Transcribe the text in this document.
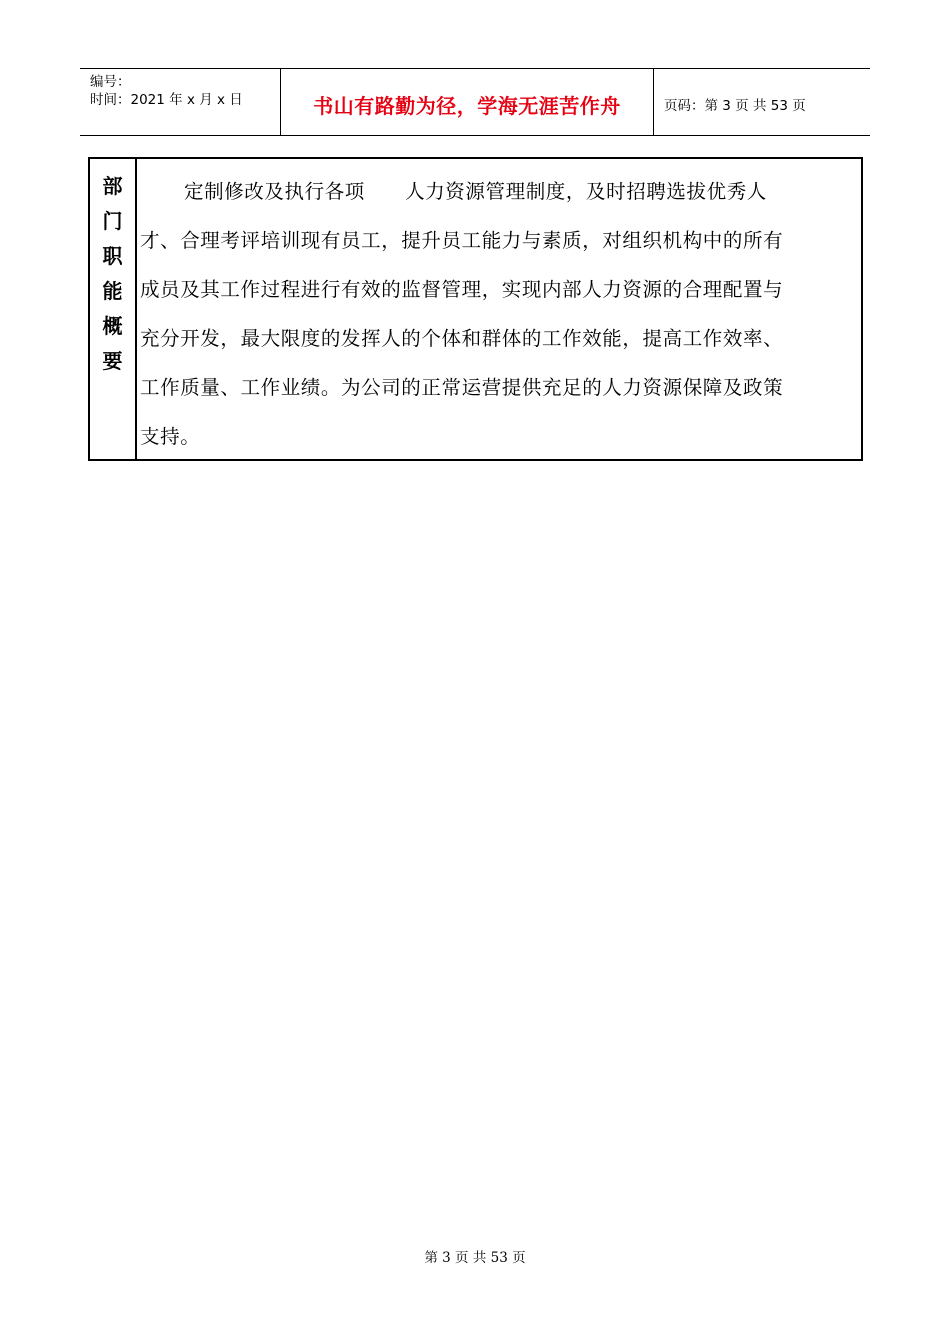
编号：
时间：2021 年 x 月 x 日	书山有路勤为径，学海无涯苦作舟	页码：第 3 页 共 53 页
部
门
职
能
概
要

定制修改及执行各项　　人力资源管理制度，及时招聘选拔优秀人

才、合理考评培训现有员工，提升员工能力与素质，对组织机构中的所有

成员及其工作过程进行有效的监督管理，实现内部人力资源的合理配置与

充分开发，最大限度的发挥人的个体和群体的工作效能，提高工作效率、

工作质量、工作业绩。为公司的正常运营提供充足的人力资源保障及政策

支持。

第 3 页 共 53 页
